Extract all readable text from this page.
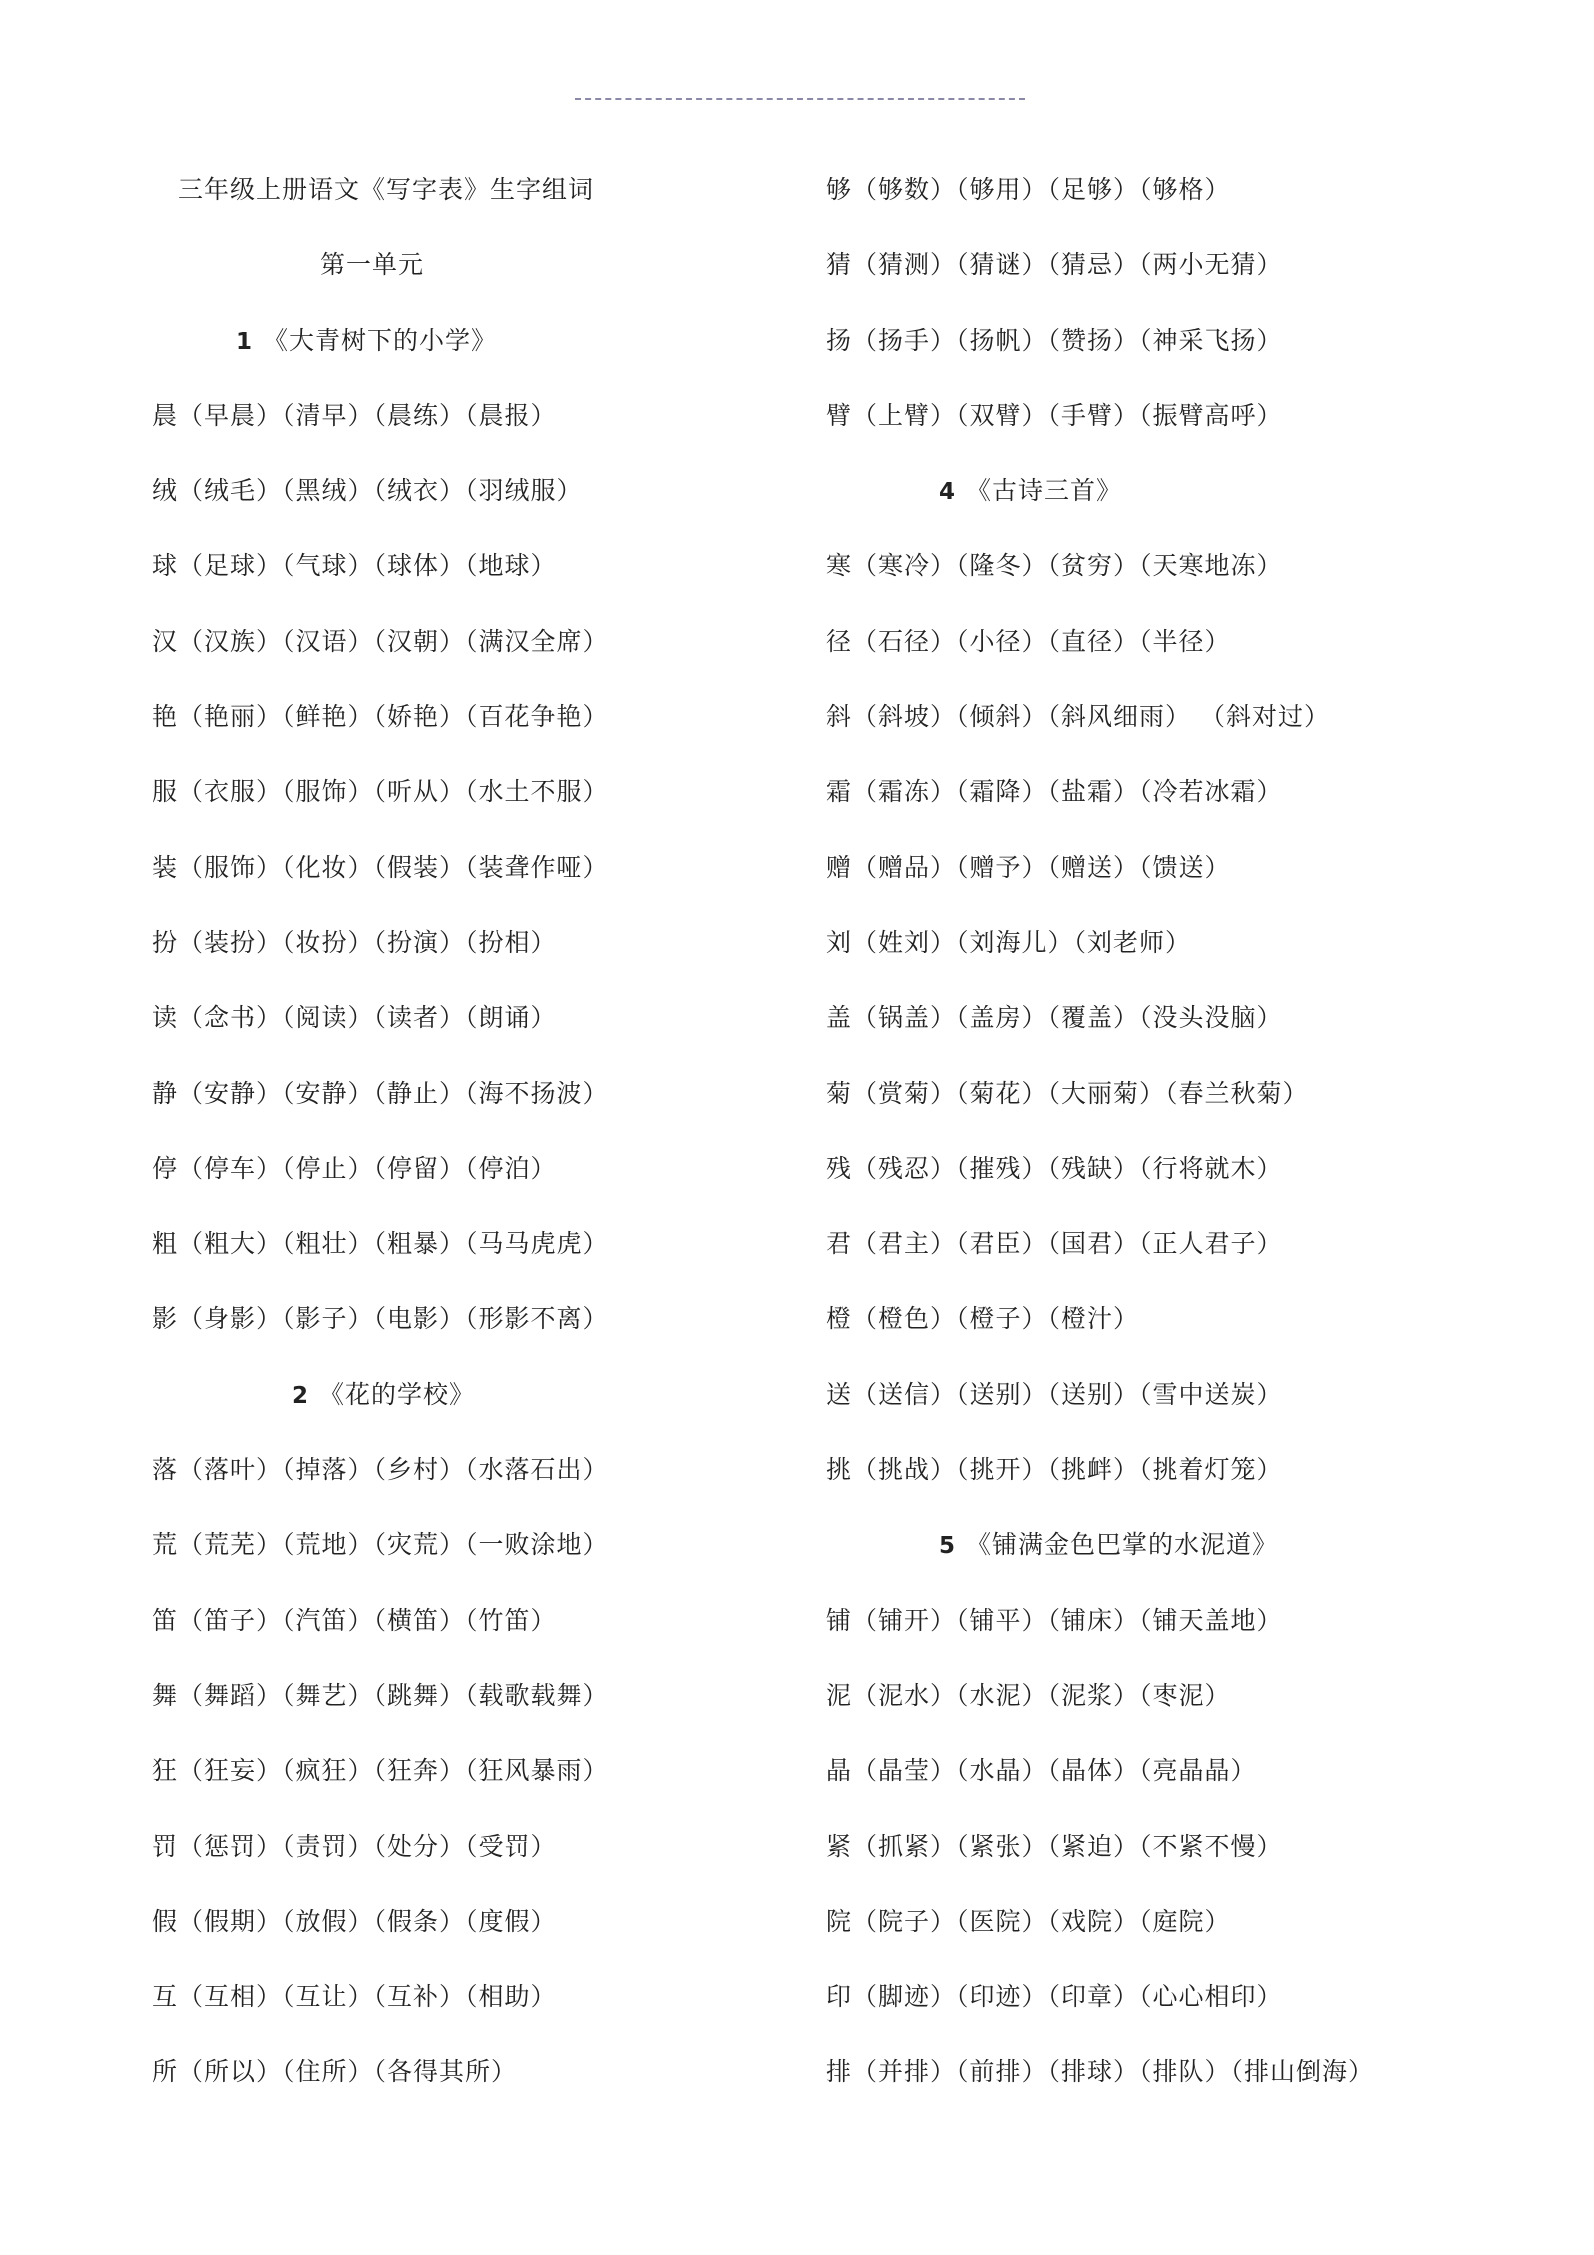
三年级上册语文《写字表》生字组词
第一单元
1 《大青树下的小学》
晨（早晨）（清早）（晨练）（晨报）
绒（绒毛）（黑绒）（绒衣）（羽绒服）
球（足球）（气球）（球体）（地球）
汉（汉族）（汉语）（汉朝）（满汉全席）
艳（艳丽）（鲜艳）（娇艳）（百花争艳）
服（衣服）（服饰）（听从）（水土不服）
装（服饰）（化妆）（假装）（装聋作哑）
扮（装扮）（妆扮）（扮演）（扮相）
读（念书）（阅读）（读者）（朗诵）
静（安静）（安静）（静止）（海不扬波）
停（停车）（停止）（停留）（停泊）
粗（粗大）（粗壮）（粗暴）（马马虎虎）
影（身影）（影子）（电影）（形影不离）
2 《花的学校》
落（落叶）（掉落）（乡村）（水落石出）
荒（荒芜）（荒地）（灾荒）（一败涂地）
笛（笛子）（汽笛）（横笛）（竹笛）
舞（舞蹈）（舞艺）（跳舞）（载歌载舞）
狂（狂妄）（疯狂）（狂奔）（狂风暴雨）
罚（惩罚）（责罚）（处分）（受罚）
假（假期）（放假）（假条）（度假）
互（互相）（互让）（互补）（相助）
所（所以）（住所）（各得其所）
够（够数）（够用）（足够）（够格）
猜（猜测）（猜谜）（猜忌）（两小无猜）
扬（扬手）（扬帆）（赞扬）（神采飞扬）
臂（上臂）（双臂）（手臂）（振臂高呼）
4 《古诗三首》
寒（寒冷）（隆冬）（贫穷）（天寒地冻）
径（石径）（小径）（直径）（半径）
斜（斜坡）（倾斜）（斜风细雨） （斜对过）
霜（霜冻）（霜降）（盐霜）（冷若冰霜）
赠（赠品）（赠予）（赠送）（馈送）
刘（姓刘）（刘海儿）（刘老师）
盖（锅盖）（盖房）（覆盖）（没头没脑）
菊（赏菊）（菊花）（大丽菊）（春兰秋菊）
残（残忍）（摧残）（残缺）（行将就木）
君（君主）（君臣）（国君）（正人君子）
橙（橙色）（橙子）（橙汁）
送（送信）（送别）（送别）（雪中送炭）
挑（挑战）（挑开）（挑衅）（挑着灯笼）
5 《铺满金色巴掌的水泥道》
铺（铺开）（铺平）（铺床）（铺天盖地）
泥（泥水）（水泥）（泥浆）（枣泥）
晶（晶莹）（水晶）（晶体）（亮晶晶）
紧（抓紧）（紧张）（紧迫）（不紧不慢）
院（院子）（医院）（戏院）（庭院）
印（脚迹）（印迹）（印章）（心心相印）
排（并排）（前排）（排球）（排队）（排山倒海）
